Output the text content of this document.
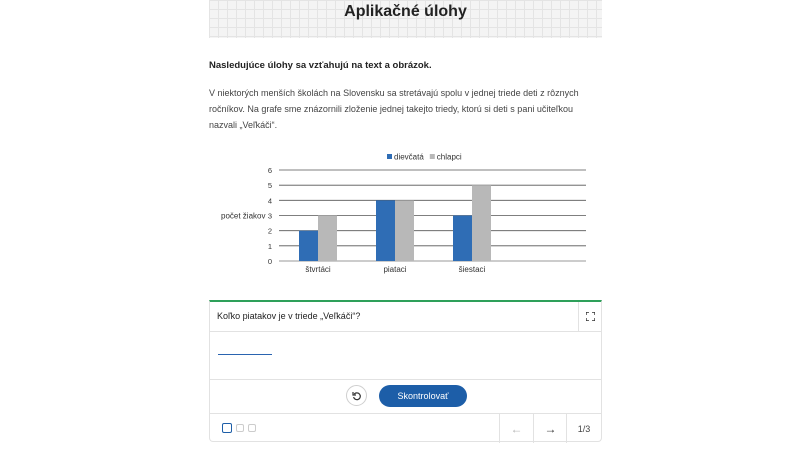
Aplikačné úlohy
Nasledujúce úlohy sa vzťahujú na text a obrázok.
V niektorých menších školách na Slovensku sa stretávajú spolu v jednej triede deti z rôznych ročníkov. Na grafe sme znázornili zloženie jednej takejto triedy, ktorú si deti s pani učiteľkou nazvali „Veľkáči“.
0
1
2
3
4
5
6
počet žiakov
štvrtáci	piataci	šiestaci
dievčatá chlapci
Koľko piatakov je v triede „Veľkáči“?
Skontrolovať
← →	1/3
